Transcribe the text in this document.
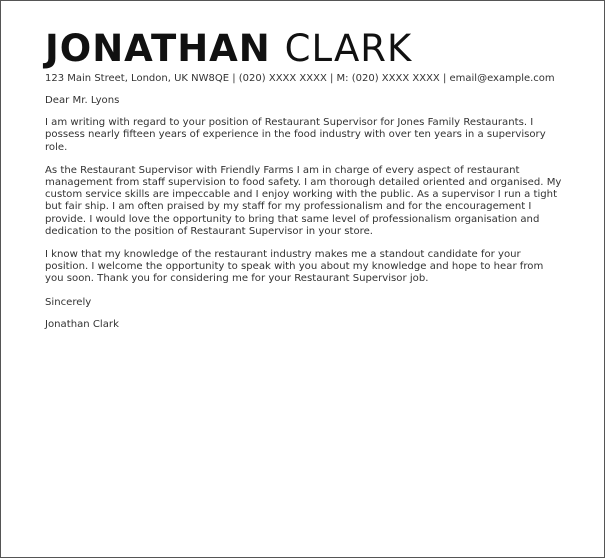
JONATHAN CLARK
123 Main Street, London, UK NW8QE | (020) XXXX XXXX | M: (020) XXXX XXXX | email@example.com

Dear Mr. Lyons

I am writing with regard to your position of Restaurant Supervisor for Jones Family Restaurants. I possess nearly fifteen years of experience in the food industry with over ten years in a supervisory role.

As the Restaurant Supervisor with Friendly Farms I am in charge of every aspect of restaurant management from staff supervision to food safety. I am thorough detailed oriented and organised. My custom service skills are impeccable and I enjoy working with the public. As a supervisor I run a tight but fair ship. I am often praised by my staff for my professionalism and for the encouragement I provide. I would love the opportunity to bring that same level of professionalism organisation and dedication to the position of Restaurant Supervisor in your store.

I know that my knowledge of the restaurant industry makes me a standout candidate for your position. I welcome the opportunity to speak with you about my knowledge and hope to hear from you soon. Thank you for considering me for your Restaurant Supervisor job.

Sincerely

Jonathan Clark
